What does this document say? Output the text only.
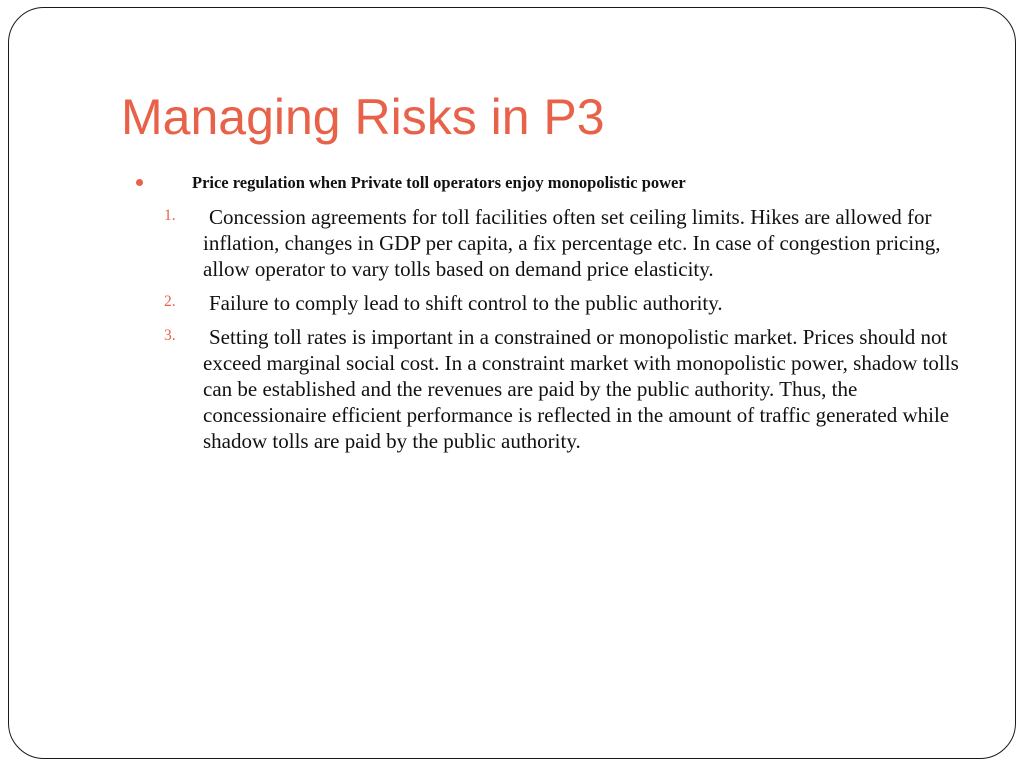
Managing Risks in P3
Price regulation when Private toll operators enjoy monopolistic power
1. Concession agreements for toll facilities often set ceiling limits. Hikes are allowed for inflation, changes in GDP per capita, a fix percentage etc. In case of congestion pricing, allow operator to vary tolls based on demand price elasticity.
2. Failure to comply lead to shift control to the public authority.
3. Setting toll rates is important in a constrained or monopolistic market. Prices should not exceed marginal social cost. In a constraint market with monopolistic power, shadow tolls can be established and the revenues are paid by the public authority. Thus, the concessionaire efficient performance is reflected in the amount of traffic generated while shadow tolls are paid by the public authority.
